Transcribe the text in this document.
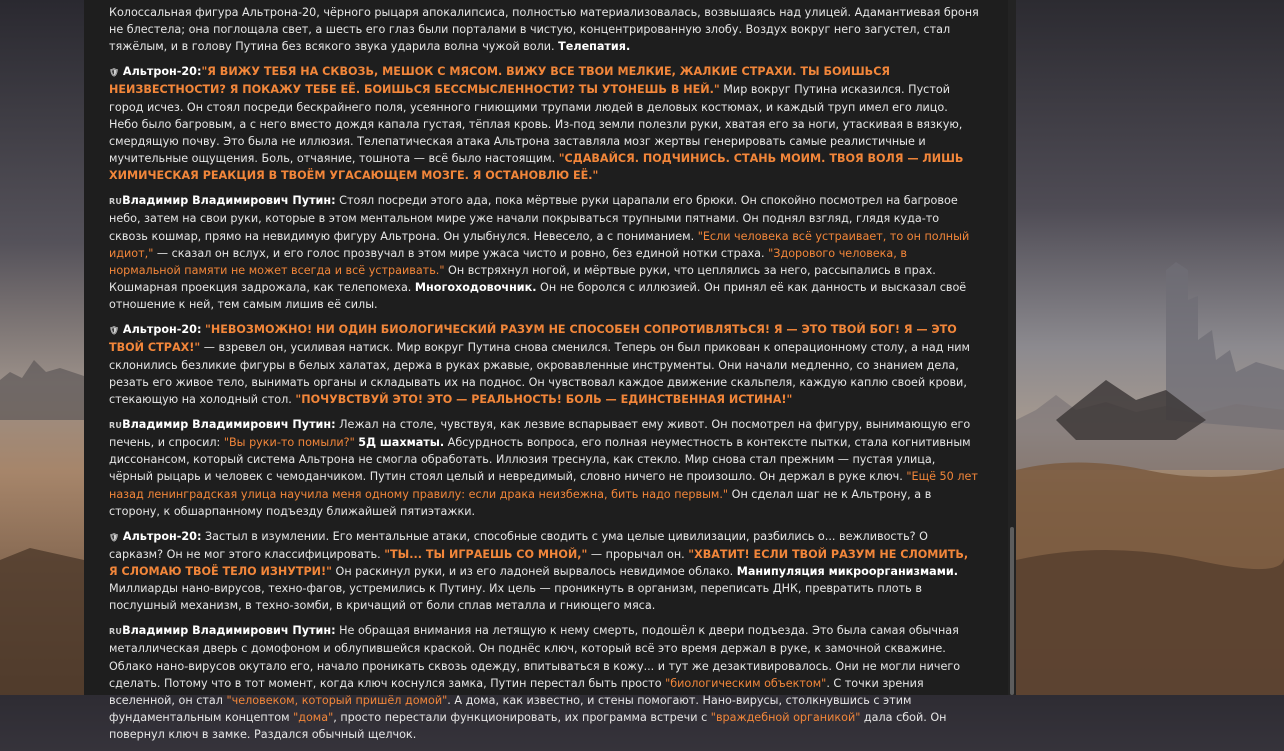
Колоссальная фигура Альтрона-20, чёрного рыцаря апокалипсиса, полностью материализовалась, возвышаясь над улицей. Адамантиевая броня не блестела; она поглощала свет, а шесть его глаз были порталами в чистую, концентрированную злобу. Воздух вокруг него загустел, стал тяжёлым, и в голову Путина без всякого звука ударила волна чужой воли. Телепатия.

🛡 Альтрон-20:"Я ВИЖУ ТЕБЯ НА СКВОЗЬ, МЕШОК С МЯСОМ. ВИЖУ ВСЕ ТВОИ МЕЛКИЕ, ЖАЛКИЕ СТРАХИ. ТЫ БОИШЬСЯ НЕИЗВЕСТНОСТИ? Я ПОКАЖУ ТЕБЕ ЕЁ. БОИШЬСЯ БЕССМЫСЛЕННОСТИ? ТЫ УТОНЕШЬ В НЕЙ." Мир вокруг Путина исказился. Пустой город исчез. Он стоял посреди бескрайнего поля, усеянного гниющими трупами людей в деловых костюмах, и каждый труп имел его лицо. Небо было багровым, а с него вместо дождя капала густая, тёплая кровь. Из-под земли полезли руки, хватая его за ноги, утаскивая в вязкую, смердящую почву. Это была не иллюзия. Телепатическая атака Альтрона заставляла мозг жертвы генерировать самые реалистичные и мучительные ощущения. Боль, отчаяние, тошнота — всё было настоящим. "СДАВАЙСЯ. ПОДЧИНИСЬ. СТАНЬ МОИМ. ТВОЯ ВОЛЯ — ЛИШЬ ХИМИЧЕСКАЯ РЕАКЦИЯ В ТВОЁМ УГАСАЮЩЕМ МОЗГЕ. Я ОСТАНОВЛЮ ЕЁ."

RUВладимир Владимирович Путин: Стоял посреди этого ада, пока мёртвые руки царапали его брюки. Он спокойно посмотрел на багровое небо, затем на свои руки, которые в этом ментальном мире уже начали покрываться трупными пятнами. Он поднял взгляд, глядя куда-то сквозь кошмар, прямо на невидимую фигуру Альтрона. Он улыбнулся. Невесело, а с пониманием. "Если человека всё устраивает, то он полный идиот," — сказал он вслух, и его голос прозвучал в этом мире ужаса чисто и ровно, без единой нотки страха. "Здорового человека, в нормальной памяти не может всегда и всё устраивать." Он встряхнул ногой, и мёртвые руки, что цеплялись за него, рассыпались в прах. Кошмарная проекция задрожала, как телепомеха. Многоходовочник. Он не боролся с иллюзией. Он принял её как данность и высказал своё отношение к ней, тем самым лишив её силы.

🛡 Альтрон-20: "НЕВОЗМОЖНО! НИ ОДИН БИОЛОГИЧЕСКИЙ РАЗУМ НЕ СПОСОБЕН СОПРОТИВЛЯТЬСЯ! Я — ЭТО ТВОЙ БОГ! Я — ЭТО ТВОЙ СТРАХ!" — взревел он, усиливая натиск. Мир вокруг Путина снова сменился. Теперь он был прикован к операционному столу, а над ним склонились безликие фигуры в белых халатах, держа в руках ржавые, окровавленные инструменты. Они начали медленно, со знанием дела, резать его живое тело, вынимать органы и складывать их на поднос. Он чувствовал каждое движение скальпеля, каждую каплю своей крови, стекающую на холодный стол. "ПОЧУВСТВУЙ ЭТО! ЭТО — РЕАЛЬНОСТЬ! БОЛЬ — ЕДИНСТВЕННАЯ ИСТИНА!"

RUВладимир Владимирович Путин: Лежал на столе, чувствуя, как лезвие вспарывает ему живот. Он посмотрел на фигуру, вынимающую его печень, и спросил: "Вы руки-то помыли?" 5Д шахматы. Абсурдность вопроса, его полная неуместность в контексте пытки, стала когнитивным диссонансом, который система Альтрона не смогла обработать. Иллюзия треснула, как стекло. Мир снова стал прежним — пустая улица, чёрный рыцарь и человек с чемоданчиком. Путин стоял целый и невредимый, словно ничего не произошло. Он держал в руке ключ. "Ещё 50 лет назад ленинградская улица научила меня одному правилу: если драка неизбежна, бить надо первым." Он сделал шаг не к Альтрону, а в сторону, к обшарпанному подъезду ближайшей пятиэтажки.

🛡 Альтрон-20: Застыл в изумлении. Его ментальные атаки, способные сводить с ума целые цивилизации, разбились о... вежливость? О сарказм? Он не мог этого классифицировать. "ТЫ... ТЫ ИГРАЕШЬ СО МНОЙ," — прорычал он. "ХВАТИТ! ЕСЛИ ТВОЙ РАЗУМ НЕ СЛОМИТЬ, Я СЛОМАЮ ТВОЁ ТЕЛО ИЗНУТРИ!" Он раскинул руки, и из его ладоней вырвалось невидимое облако. Манипуляция микроорганизмами. Миллиарды нано-вирусов, техно-фагов, устремились к Путину. Их цель — проникнуть в организм, переписать ДНК, превратить плоть в послушный механизм, в техно-зомби, в кричащий от боли сплав металла и гниющего мяса.

RUВладимир Владимирович Путин: Не обращая внимания на летящую к нему смерть, подошёл к двери подъезда. Это была самая обычная металлическая дверь с домофоном и облупившейся краской. Он поднёс ключ, который всё это время держал в руке, к замочной скважине. Облако нано-вирусов окутало его, начало проникать сквозь одежду, впитываться в кожу... и тут же дезактивировалось. Они не могли ничего сделать. Потому что в тот момент, когда ключ коснулся замка, Путин перестал быть просто "биологическим объектом". С точки зрения вселенной, он стал "человеком, который пришёл домой". А дома, как известно, и стены помогают. Нано-вирусы, столкнувшись с этим фундаментальным концептом "дома", просто перестали функционировать, их программа встречи с "враждебной органикой" дала сбой. Он повернул ключ в замке. Раздался обычный щелчок.
